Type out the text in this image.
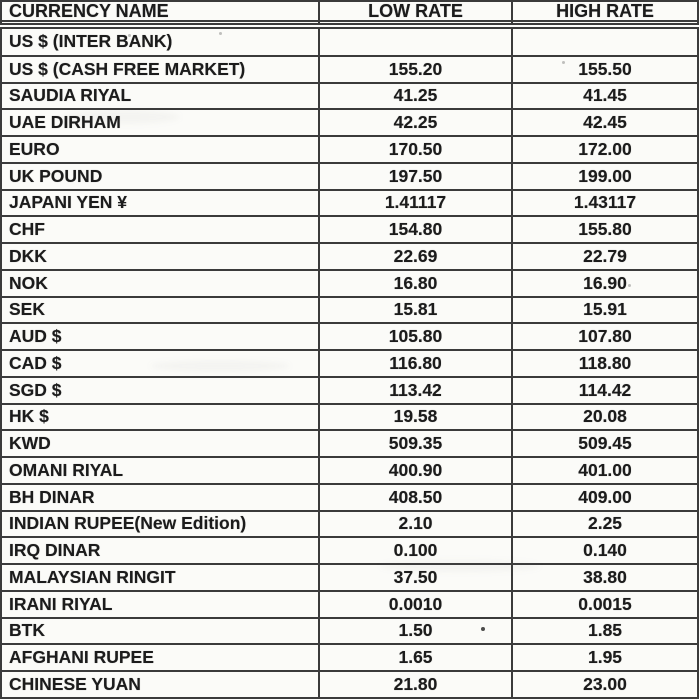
CURRENCY NAME	LOW RATE	HIGH RATE

US $ (INTER BANK)		
US $ (CASH FREE MARKET)	155.20	155.50
SAUDIA RIYAL	41.25	41.45
UAE DIRHAM	42.25	42.45
EURO	170.50	172.00
UK POUND	197.50	199.00
JAPANI YEN ¥	1.41117	1.43117
CHF	154.80	155.80
DKK	22.69	22.79
NOK	16.80	16.90
SEK	15.81	15.91
AUD $	105.80	107.80
CAD $	116.80	118.80
SGD $	113.42	114.42
HK $	19.58	20.08
KWD	509.35	509.45
OMANI RIYAL	400.90	401.00
BH DINAR	408.50	409.00
INDIAN RUPEE(New Edition)	2.10	2.25
IRQ DINAR	0.100	0.140
MALAYSIAN RINGIT	37.50	38.80
IRANI RIYAL	0.0010	0.0015
BTK	1.50	1.85
AFGHANI RUPEE	1.65	1.95
CHINESE YUAN	21.80	23.00
